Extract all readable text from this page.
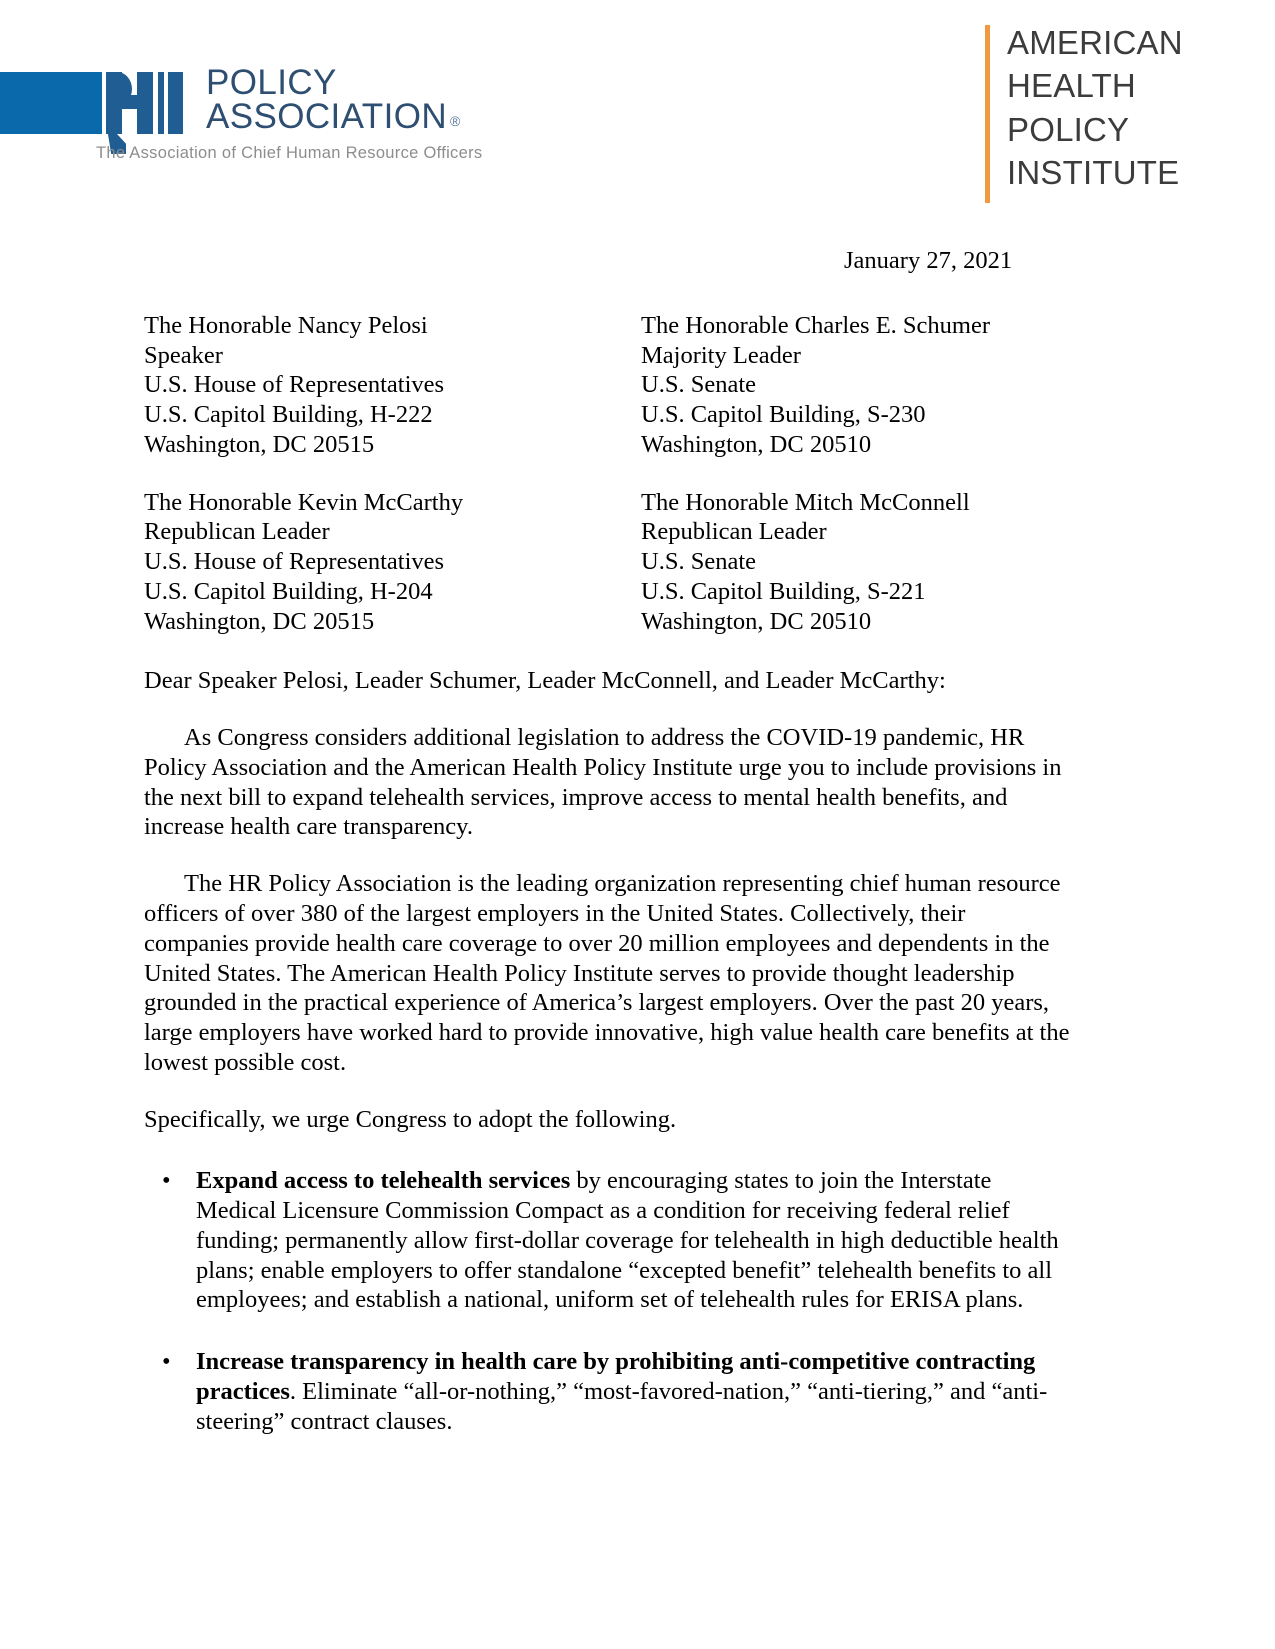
POLICY
ASSOCIATION ®
The Association of Chief Human Resource Officers
AMERICAN
HEALTH
POLICY
INSTITUTE
January 27, 2021
The Honorable Nancy Pelosi
Speaker
U.S. House of Representatives
U.S. Capitol Building, H-222
Washington, DC 20515
The Honorable Charles E. Schumer
Majority Leader
U.S. Senate
U.S. Capitol Building, S-230
Washington, DC 20510
The Honorable Kevin McCarthy
Republican Leader
U.S. House of Representatives
U.S. Capitol Building, H-204
Washington, DC 20515
The Honorable Mitch McConnell
Republican Leader
U.S. Senate
U.S. Capitol Building, S-221
Washington, DC 20510
Dear Speaker Pelosi, Leader Schumer, Leader McConnell, and Leader McCarthy:

As Congress considers additional legislation to address the COVID-19 pandemic, HR Policy Association and the American Health Policy Institute urge you to include provisions in the next bill to expand telehealth services, improve access to mental health benefits, and increase health care transparency.

The HR Policy Association is the leading organization representing chief human resource officers of over 380 of the largest employers in the United States. Collectively, their companies provide health care coverage to over 20 million employees and dependents in the United States. The American Health Policy Institute serves to provide thought leadership grounded in the practical experience of America’s largest employers. Over the past 20 years, large employers have worked hard to provide innovative, high value health care benefits at the lowest possible cost.

Specifically, we urge Congress to adopt the following.

• Expand access to telehealth services by encouraging states to join the Interstate Medical Licensure Commission Compact as a condition for receiving federal relief funding; permanently allow first-dollar coverage for telehealth in high deductible health plans; enable employers to offer standalone “excepted benefit” telehealth benefits to all employees; and establish a national, uniform set of telehealth rules for ERISA plans.
• Increase transparency in health care by prohibiting anti-competitive contracting practices. Eliminate “all-or-nothing,” “most-favored-nation,” “anti-tiering,” and “anti-steering” contract clauses.
